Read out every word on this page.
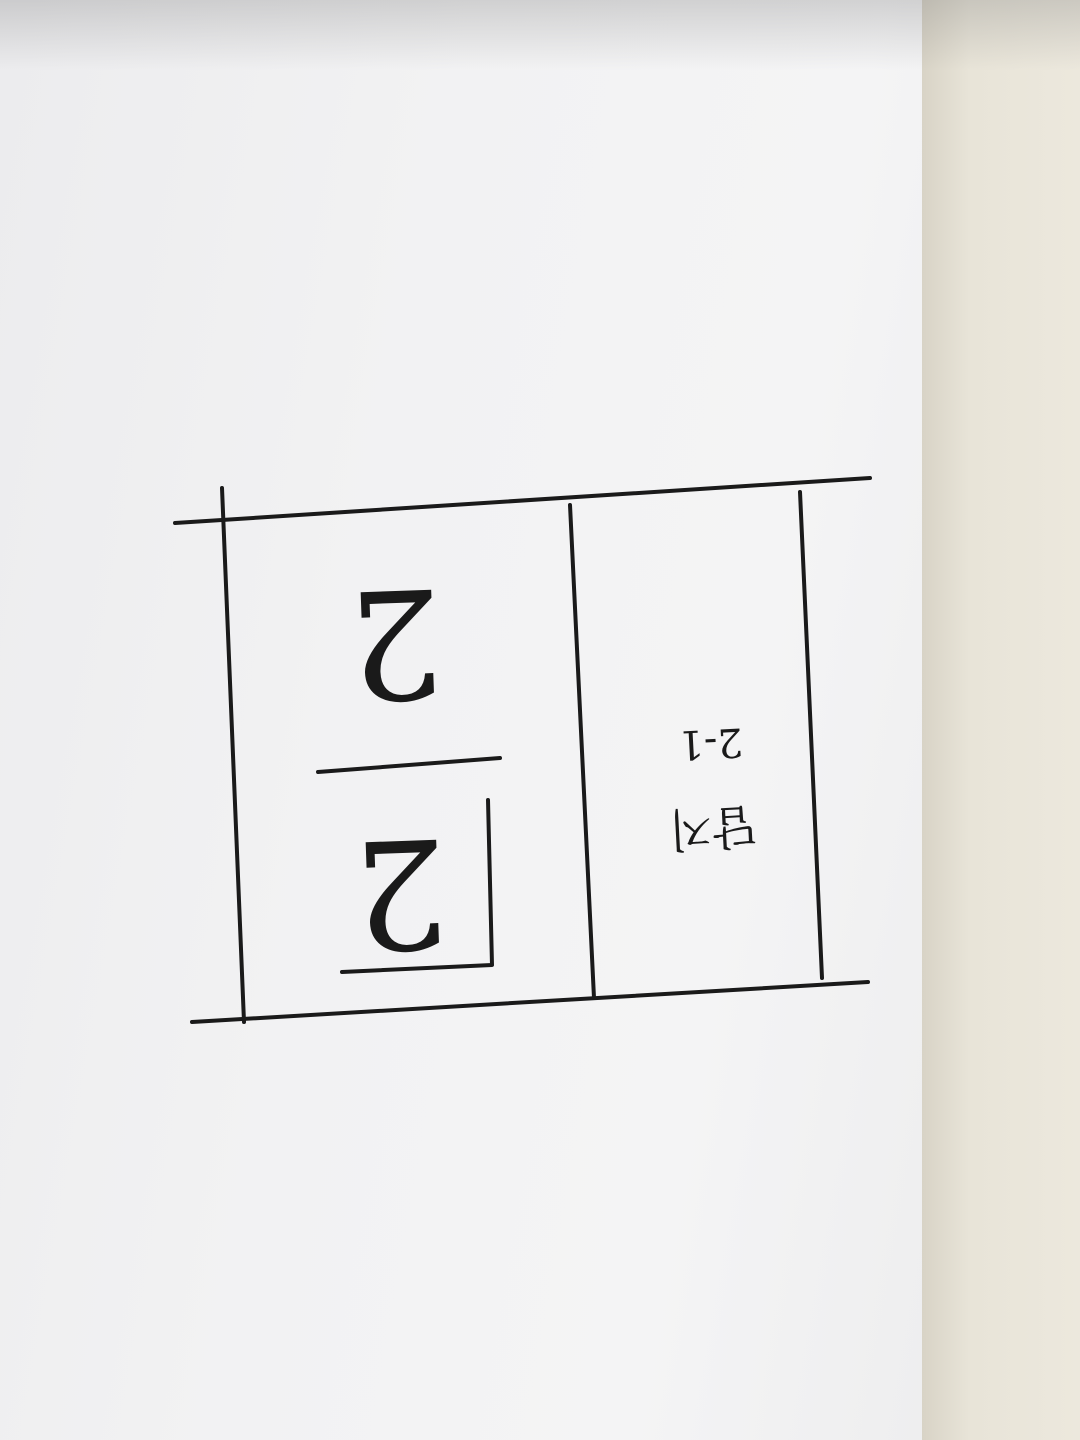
답지
2-1
2
2
